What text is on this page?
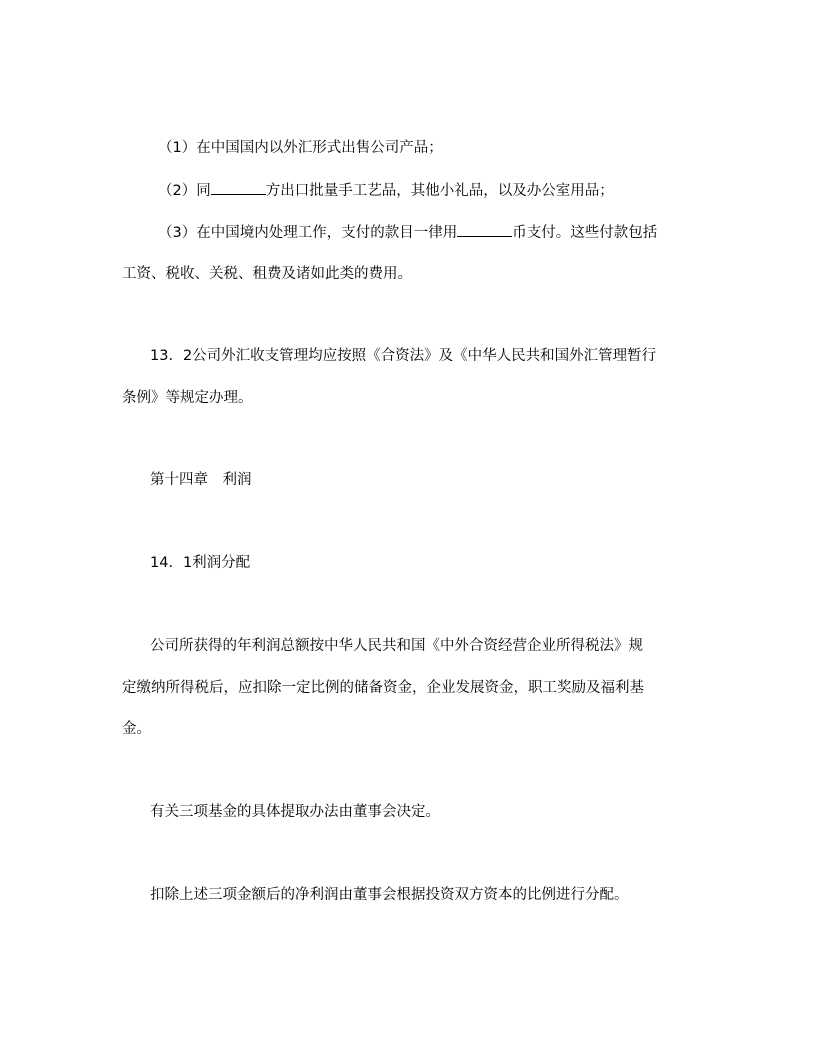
（1）在中国国内以外汇形式出售公司产品；
（2）同	方出口批量手工艺品，其他小礼品，以及办公室用品；
（3）在中国境内处理工作，支付的款目一律用	币支付。这些付款包括
工资、税收、关税、租费及诸如此类的费用。
13．2公司外汇收支管理均应按照《合资法》及《中华人民共和国外汇管理暂行
条例》等规定办理。
第十四章　利润
14．1利润分配
公司所获得的年利润总额按中华人民共和国《中外合资经营企业所得税法》规
定缴纳所得税后，应扣除一定比例的储备资金，企业发展资金，职工奖励及福利基
金。
有关三项基金的具体提取办法由董事会决定。
扣除上述三项金额后的净利润由董事会根据投资双方资本的比例进行分配。
